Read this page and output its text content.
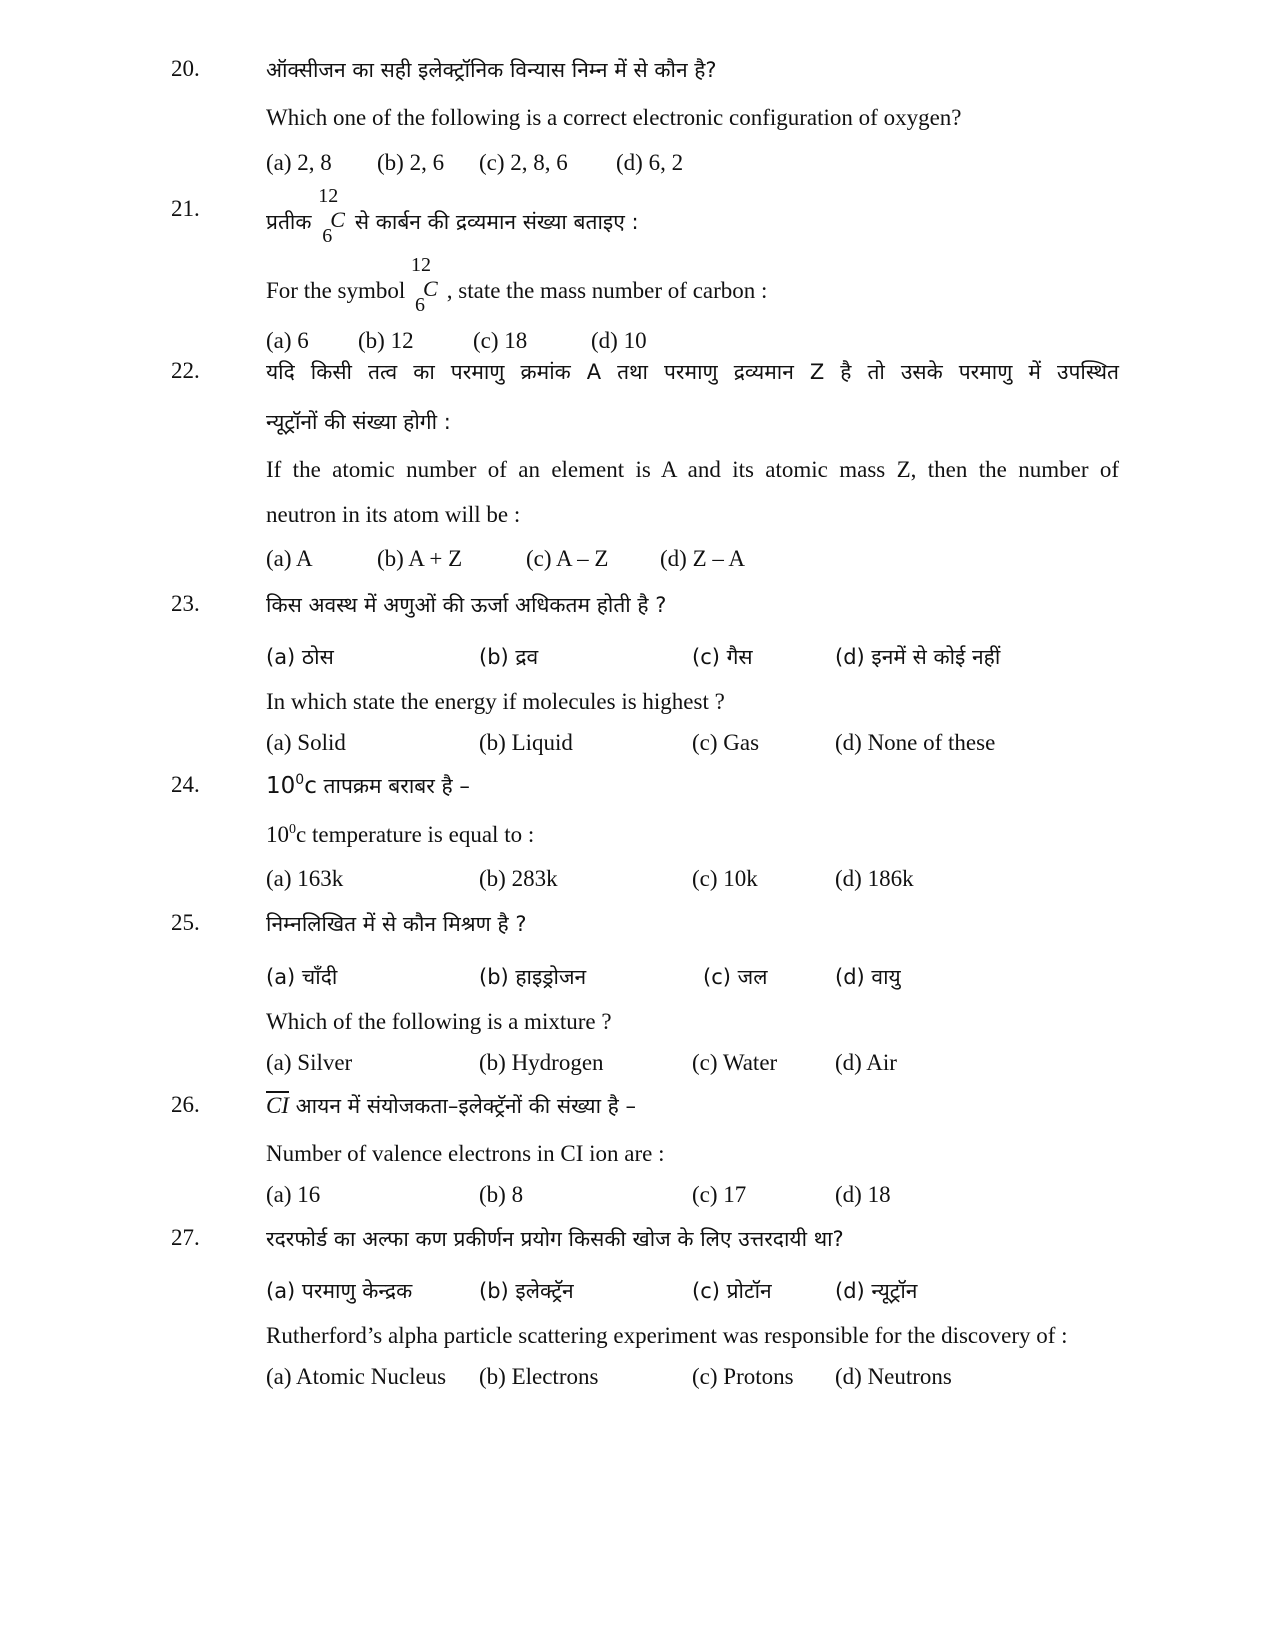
20.	ऑक्सीजन का सही इलेक्ट्रॉनिक विन्यास निम्न में से कौन है?
Which one of the following is a correct electronic configuration of oxygen?
(a) 2, 8 (b) 2, 6 (c) 2, 8, 6 (d) 6, 2
21.
प्रतीक
12
C
6
से कार्बन की द्रव्यमान संख्या बताइए :
For the symbol
12
C
6
, state the mass number of carbon :
(a) 6 (b) 12	(c) 18	(d) 10
22.	यदि किसी तत्व का परमाणु क्रमांक A तथा परमाणु द्रव्यमान Z है तो उसके परमाणु में उपस्थित
न्यूट्रॉनों की संख्या होगी :
If the atomic number of an element is A and its atomic mass Z, then the number of
neutron in its atom will be :
(a) A	(b) A + Z	(c) A – Z (d) Z – A
23.	किस अवस्थ में अणुओं की ऊर्जा अधिकतम होती है ?
(a) ठोस	(b) द्रव	(c) गैस	(d) इनमें से कोई नहीं
In which state the energy if molecules is highest ?
(a) Solid	(b) Liquid	(c) Gas	(d) None of these
24.	$10^0c$ तापक्रम बराबर है –
$10^0c$ temperature is equal to :
(a) 163k	(b) 283k	(c) 10k	(d) 186k
25.	निम्नलिखित में से कौन मिश्रण है ?
(a) चाँदी	(b) हाइड्रोजन	(c) जल	(d) वायु
Which of the following is a mixture ?
(a) Silver	(b) Hydrogen	(c) Water	(d) Air
26.	$\overline{CI}$ आयन में संयोजकता–इलेक्ट्रॅनों की संख्या है –
Number of valence electrons in CI ion are :
(a) 16	(b) 8	(c) 17	(d) 18
27.	रदरफोर्ड का अल्फा कण प्रकीर्णन प्रयोग किसकी खोज के लिए उत्तरदायी था?
(a) परमाणु केन्द्रक	(b) इलेक्ट्रॅन	(c) प्रोटॉन	(d) न्यूट्रॉन
Rutherford’s alpha particle scattering experiment was responsible for the discovery of :
(a) Atomic Nucleus (b) Electrons	(c) Protons (d) Neutrons
